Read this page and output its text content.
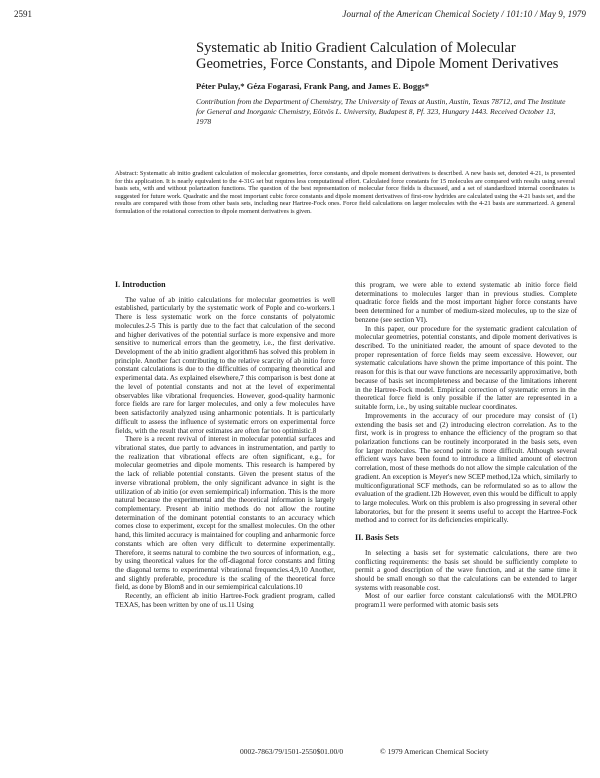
2591	Journal of the American Chemical Society / 101:10 / May 9, 1979
Systematic ab Initio Gradient Calculation of Molecular Geometries, Force Constants, and Dipole Moment Derivatives
Péter Pulay,* Géza Fogarasi, Frank Pang, and James E. Boggs*
Contribution from the Department of Chemistry, The University of Texas at Austin, Austin, Texas 78712, and The Institute for General and Inorganic Chemistry, Eötvös L. University, Budapest 8, Pf. 323, Hungary 1443. Received October 13, 1978
Abstract: Systematic ab initio gradient calculation of molecular geometries, force constants, and dipole moment derivatives is described. A new basis set, denoted 4-21, is presented for this application. It is nearly equivalent to the 4-31G set but requires less computational effort. Calculated force constants for 15 molecules are compared with results using several basis sets, with and without polarization functions. The question of the best representation of molecular force fields is discussed, and a set of standardized internal coordinates is suggested for future work. Quadratic and the most important cubic force constants and dipole moment derivatives of first-row hydrides are calculated using the 4-21 basis set, and the results are compared with those from other basis sets, including near Hartree-Fock ones. Force field calculations on larger molecules with the 4-21 basis are summarized. A general formulation of the rotational correction to dipole moment derivatives is given.
I. Introduction

The value of ab initio calculations for molecular geometries is well established, particularly by the systematic work of Pople and co-workers.1 There is less systematic work on the force constants of polyatomic molecules.2-5 This is partly due to the fact that calculation of the second and higher derivatives of the potential surface is more expensive and more sensitive to numerical errors than the geometry, i.e., the first derivative. Development of the ab initio gradient algorithm6 has solved this problem in principle. Another fact contributing to the relative scarcity of ab initio force constant calculations is due to the difficulties of comparing theoretical and experimental data. As explained elsewhere,7 this comparison is best done at the level of potential constants and not at the level of experimental observables like vibrational frequencies. However, good-quality harmonic force fields are rare for larger molecules, and only a few molecules have been satisfactorily analyzed using anharmonic potentials. It is particularly difficult to assess the influence of systematic errors on experimental force fields, with the result that error estimates are often far too optimistic.8

There is a recent revival of interest in molecular potential surfaces and vibrational states, due partly to advances in instrumentation, and partly to the realization that vibrational effects are often significant, e.g., for molecular geometries and dipole moments. This research is hampered by the lack of reliable potential constants. Given the present status of the inverse vibrational problem, the only significant advance in sight is the utilization of ab initio (or even semiempirical) information. This is the more natural because the experimental and the theoretical information is largely complementary. Present ab initio methods do not allow the routine determination of the dominant potential constants to an accuracy which comes close to experiment, except for the smallest molecules. On the other hand, this limited accuracy is maintained for coupling and anharmonic force constants which are often very difficult to determine experimentally. Therefore, it seems natural to combine the two sources of information, e.g., by using theoretical values for the off-diagonal force constants and fitting the diagonal terms to experimental vibrational frequencies.4,9,10 Another, and slightly preferable, procedure is the scaling of the theoretical force field, as done by Blom8 and in our semiempirical calculations.10

Recently, an efficient ab initio Hartree-Fock gradient program, called TEXAS, has been written by one of us.11 Using

this program, we were able to extend systematic ab initio force field determinations to molecules larger than in previous studies. Complete quadratic force fields and the most important higher force constants have been determined for a number of medium-sized molecules, up to the size of benzene (see section VI).

In this paper, our procedure for the systematic gradient calculation of molecular geometries, potential constants, and dipole moment derivatives is described. To the uninitiated reader, the amount of space devoted to the proper representation of force fields may seem excessive. However, our systematic calculations have shown the prime importance of this point. The reason for this is that our wave functions are necessarily approximative, both because of basis set incompleteness and because of the limitations inherent in the Hartree-Fock model. Empirical correction of systematic errors in the theoretical force field is only possible if the latter are represented in a suitable form, i.e., by using suitable nuclear coordinates.

Improvements in the accuracy of our procedure may consist of (1) extending the basis set and (2) introducing electron correlation. As to the first, work is in progress to enhance the efficiency of the program so that polarization functions can be routinely incorporated in the basis sets, even for larger molecules. The second point is more difficult. Although several efficient ways have been found to introduce a limited amount of electron correlation, most of these methods do not allow the simple calculation of the gradient. An exception is Meyer's new SCEP method,12a which, similarly to multiconfigurational SCF methods, can be reformulated so as to allow the evaluation of the gradient.12b However, even this would be difficult to apply to large molecules. Work on this problem is also progressing in several other laboratories, but for the present it seems useful to accept the Hartree-Fock method and to correct for its deficiencies empirically.

II. Basis Sets

In selecting a basis set for systematic calculations, there are two conflicting requirements: the basis set should be sufficiently complete to permit a good description of the wave function, and at the same time it should be small enough so that the calculations can be extended to larger systems with reasonable cost.

Most of our earlier force constant calculations6 with the MOLPRO program11 were performed with atomic basis sets

0002-7863/79/1501-2550$01.00/0	© 1979 American Chemical Society
